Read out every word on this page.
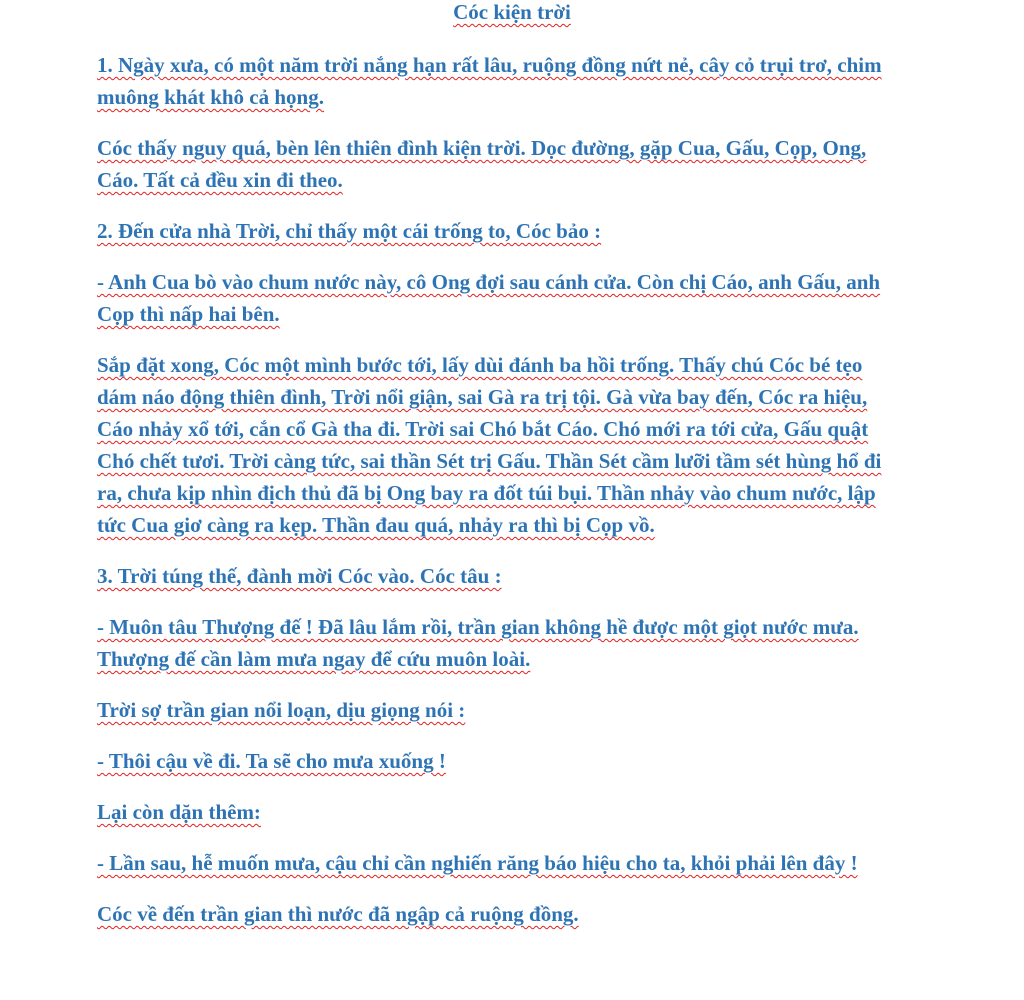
Cóc kiện trời

1. Ngày xưa, có một năm trời nắng hạn rất lâu, ruộng đồng nứt nẻ, cây cỏ trụi trơ, chim muông khát khô cả họng.

Cóc thấy nguy quá, bèn lên thiên đình kiện trời. Dọc đường, gặp Cua, Gấu, Cọp, Ong, Cáo. Tất cả đều xin đi theo.

2. Đến cửa nhà Trời, chỉ thấy một cái trống to, Cóc bảo :

- Anh Cua bò vào chum nước này, cô Ong đợi sau cánh cửa. Còn chị Cáo, anh Gấu, anh Cọp thì nấp hai bên.

Sắp đặt xong, Cóc một mình bước tới, lấy dùi đánh ba hồi trống. Thấy chú Cóc bé tẹo dám náo động thiên đình, Trời nổi giận, sai Gà ra trị tội. Gà vừa bay đến, Cóc ra hiệu, Cáo nhảy xổ tới, cắn cổ Gà tha đi. Trời sai Chó bắt Cáo. Chó mới ra tới cửa, Gấu quật Chó chết tươi. Trời càng tức, sai thần Sét trị Gấu. Thần Sét cầm lưỡi tầm sét hùng hổ đi ra, chưa kịp nhìn địch thủ đã bị Ong bay ra đốt túi bụi. Thần nhảy vào chum nước, lập tức Cua giơ càng ra kẹp. Thần đau quá, nhảy ra thì bị Cọp vồ.

3. Trời túng thế, đành mời Cóc vào. Cóc tâu :

- Muôn tâu Thượng đế ! Đã lâu lắm rồi, trần gian không hề được một giọt nước mưa. Thượng đế cần làm mưa ngay để cứu muôn loài.

Trời sợ trần gian nổi loạn, dịu giọng nói :

- Thôi cậu về đi. Ta sẽ cho mưa xuống !

Lại còn dặn thêm:

- Lần sau, hễ muốn mưa, cậu chỉ cần nghiến răng báo hiệu cho ta, khỏi phải lên đây !

Cóc về đến trần gian thì nước đã ngập cả ruộng đồng.
